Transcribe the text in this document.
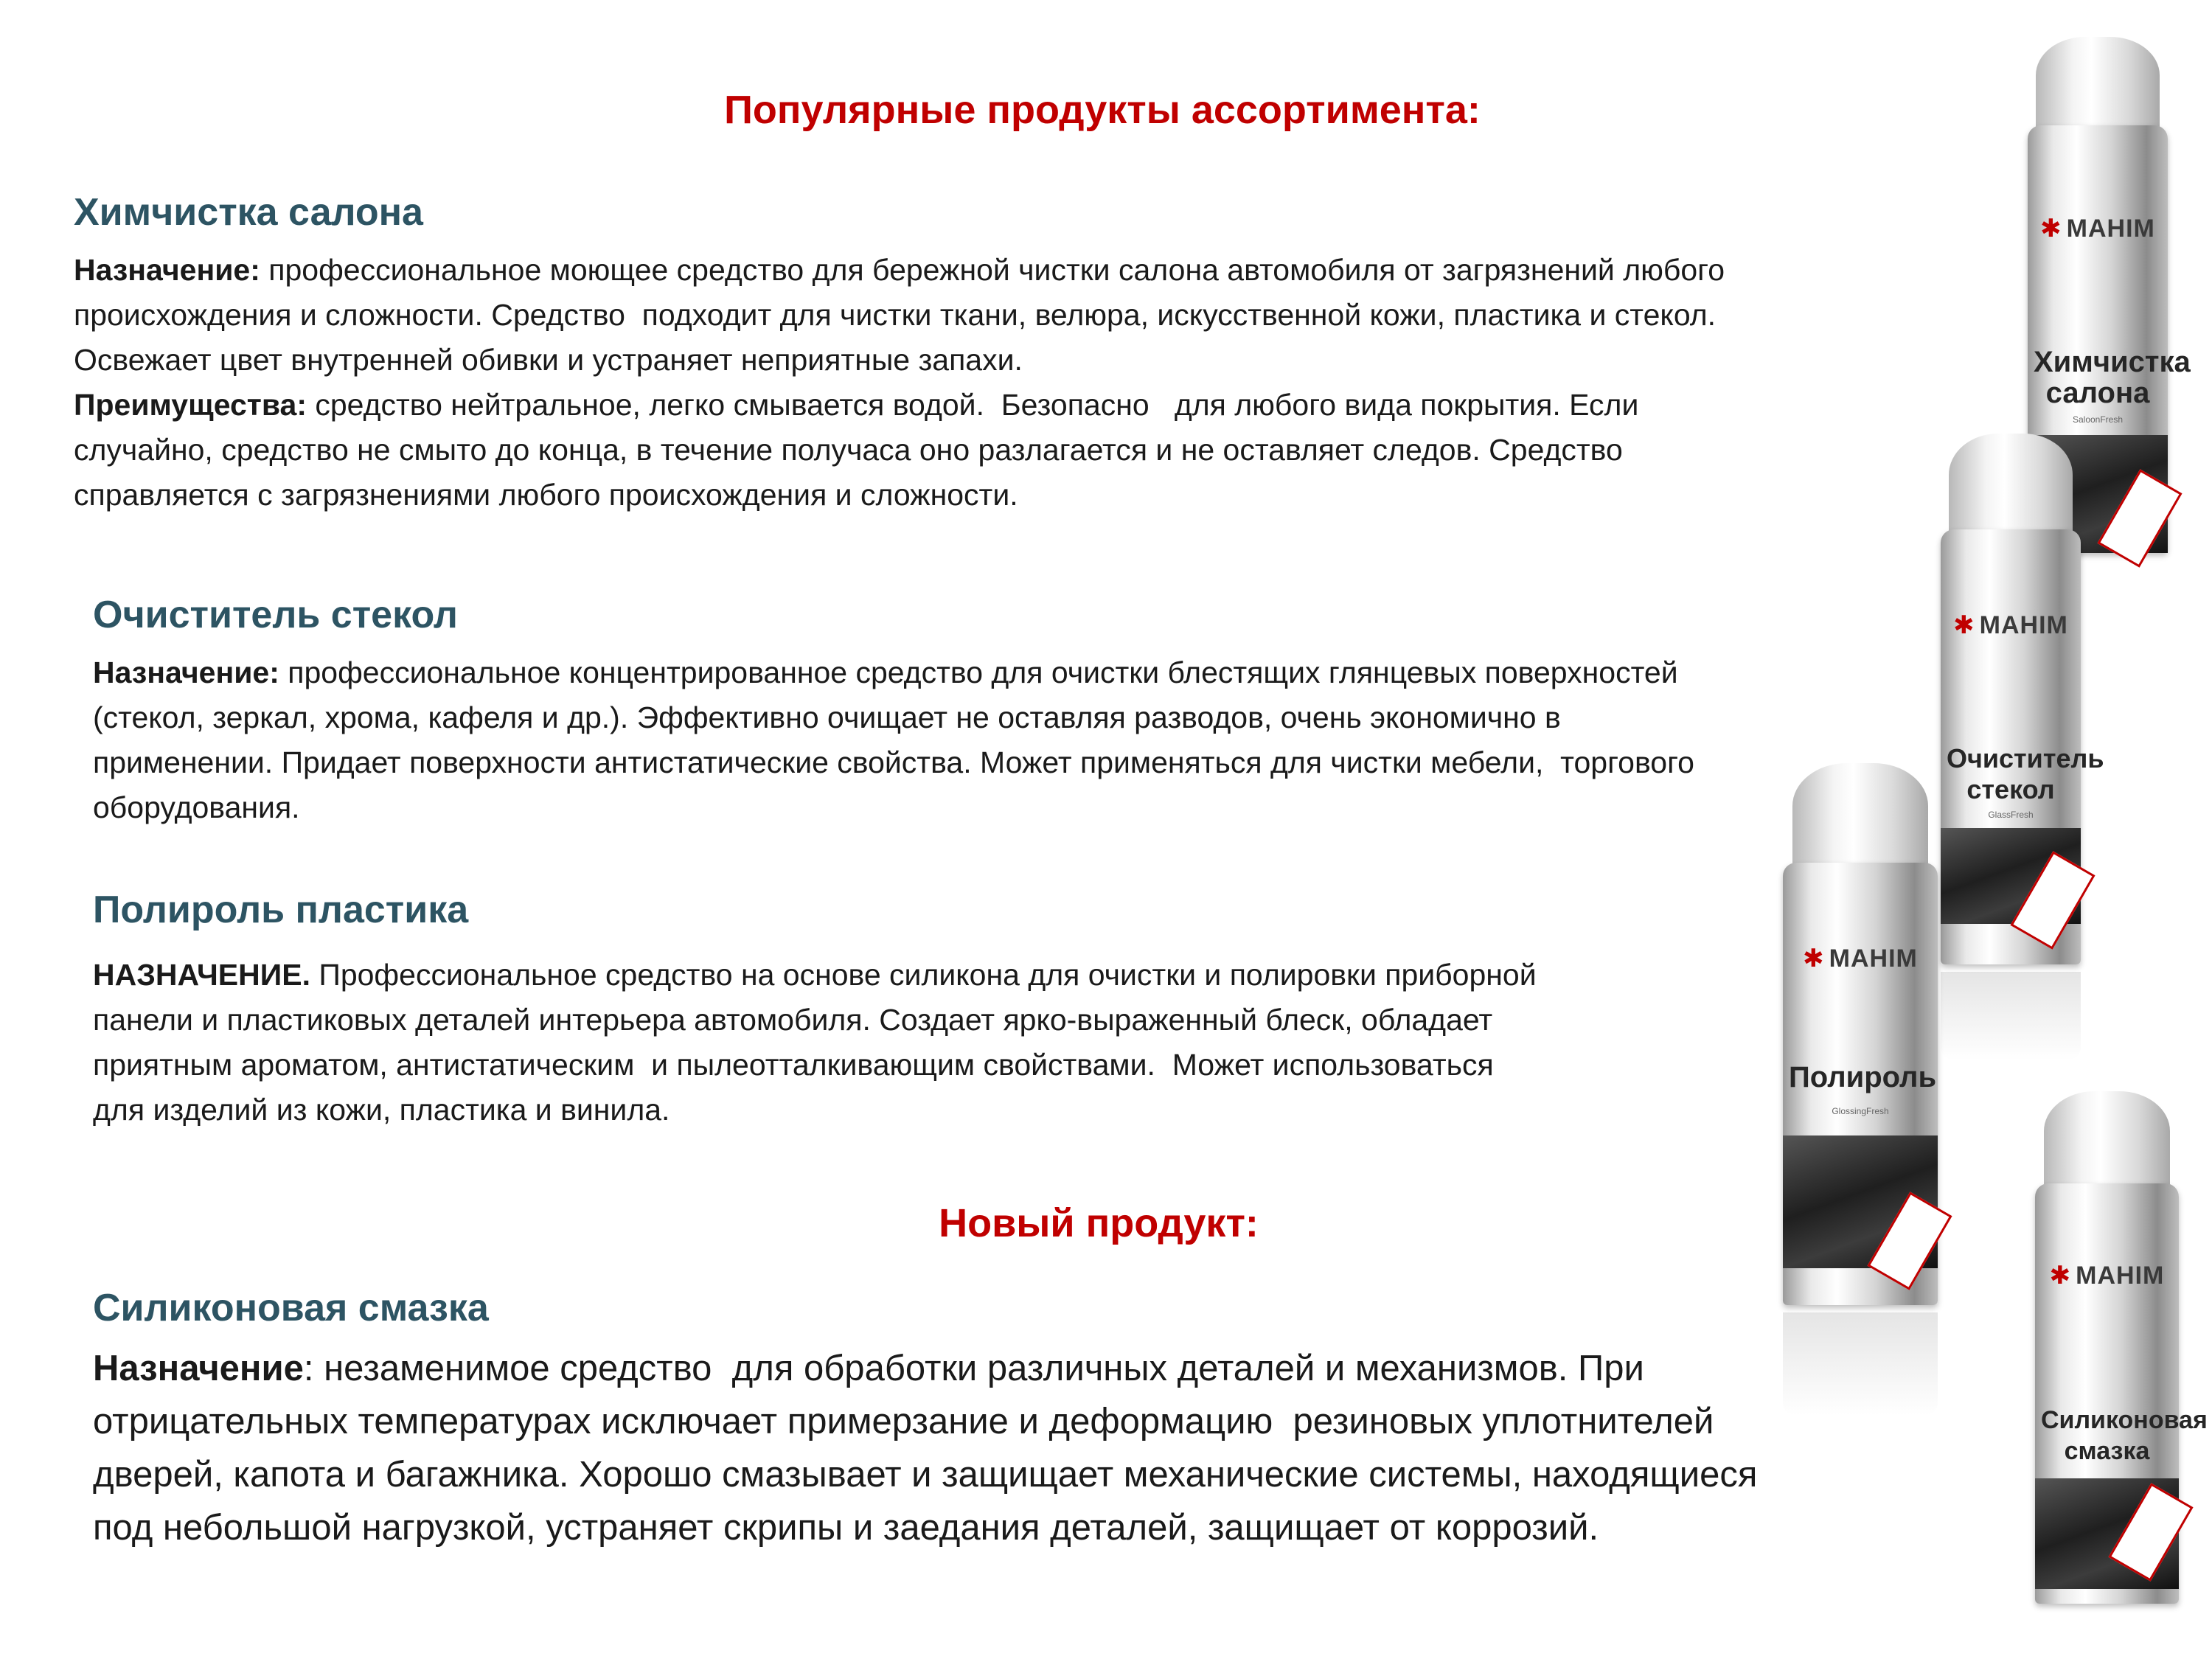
Популярные продукты ассортимента:
Химчистка салона

Назначение: профессиональное моющее средство для бережной чистки салона автомобиля от загрязнений любого
происхождения и сложности. Средство  подходит для чистки ткани, велюра, искусственной кожи, пластика и стекол.
Освежает цвет внутренней обивки и устраняет неприятные запахи.
Преимущества: средство нейтральное, легко смывается водой.  Безопасно   для любого вида покрытия. Если
случайно, средство не смыто до конца, в течение получаса оно разлагается и не оставляет следов. Средство
справляется с загрязнениями любого происхождения и сложности.

Очиститель стекол

Назначение: профессиональное концентрированное средство для очистки блестящих глянцевых поверхностей
(стекол, зеркал, хрома, кафеля и др.). Эффективно очищает не оставляя разводов, очень экономично в
применении. Придает поверхности антистатические свойства. Может применяться для чистки мебели,  торгового
оборудования.

Полироль пластика

НАЗНАЧЕНИЕ. Профессиональное средство на основе силикона для очистки и полировки приборной
панели и пластиковых деталей интерьера автомобиля. Создает ярко-выраженный блеск, обладает
приятным ароматом, антистатическим  и пылеотталкивающим свойствами.  Может использоваться
для изделий из кожи, пластика и винила.

Новый продукт:
Силиконовая смазка

Назначение: незаменимое средство  для обработки различных деталей и механизмов. При
отрицательных температурах исключает примерзание и деформацию  резиновых уплотнителей
дверей, капота и багажника. Хорошо смазывает и защищает механические системы, находящиеся
под небольшой нагрузкой, устраняет скрипы и заедания деталей, защищает от коррозий.

✱ MAHIM
Химчистка
салона
SaloonFresh
✱ MAHIM
Очиститель
стекол
GlassFresh
✱ MAHIM
Полироль
GlossingFresh
✱ MAHIM
Силиконовая
смазка
